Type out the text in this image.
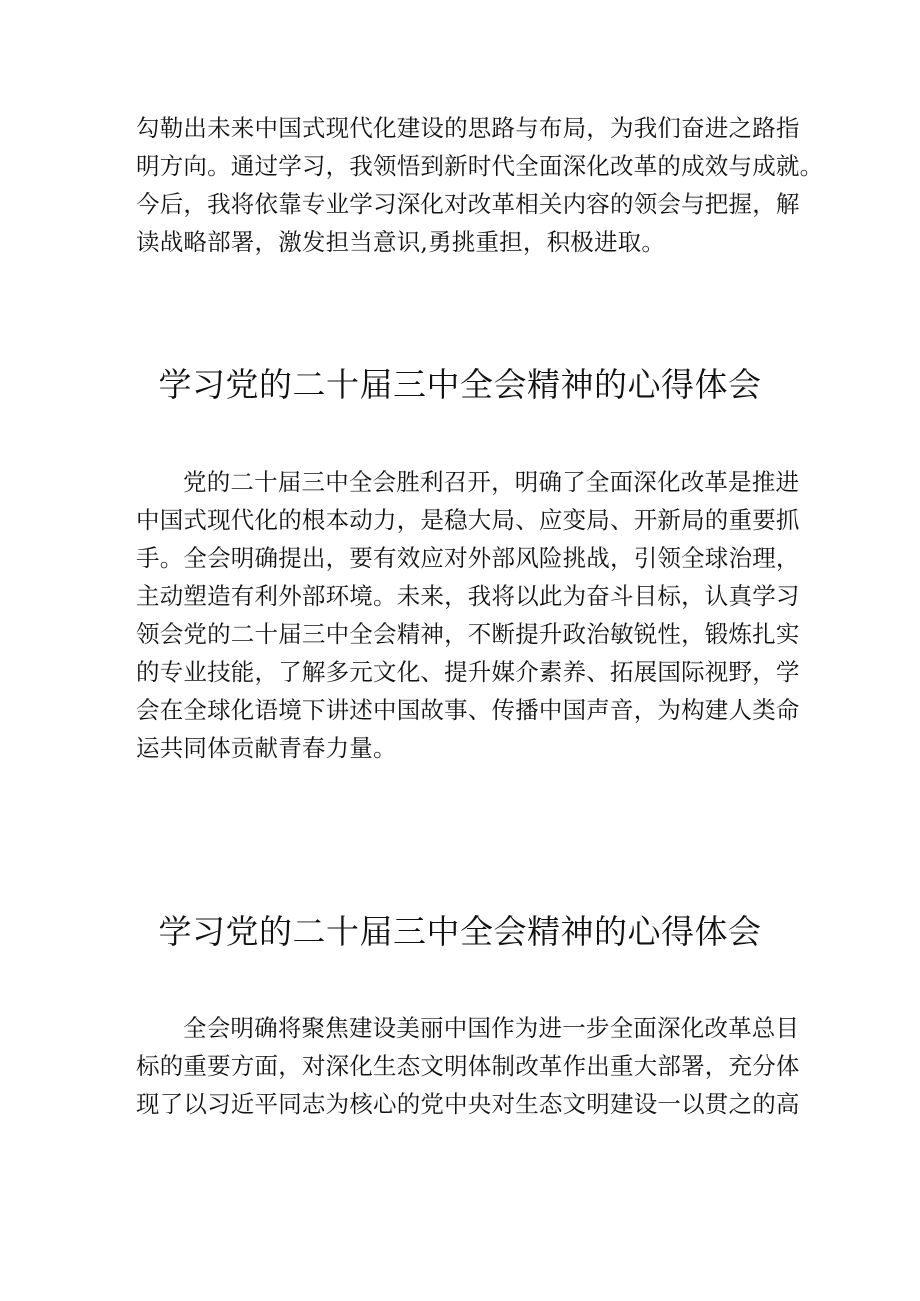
勾勒出未来中国式现代化建设的思路与布局，为我们奋进之路指
明方向。通过学习，我领悟到新时代全面深化改革的成效与成就。
今后，我将依靠专业学习深化对改革相关内容的领会与把握，解
读战略部署，激发担当意识,勇挑重担，积极进取。
学习党的二十届三中全会精神的心得体会
党的二十届三中全会胜利召开，明确了全面深化改革是推进
中国式现代化的根本动力，是稳大局、应变局、开新局的重要抓
手。全会明确提出，要有效应对外部风险挑战，引领全球治理，
主动塑造有利外部环境。未来，我将以此为奋斗目标，认真学习
领会党的二十届三中全会精神，不断提升政治敏锐性，锻炼扎实
的专业技能，了解多元文化、提升媒介素养、拓展国际视野，学
会在全球化语境下讲述中国故事、传播中国声音，为构建人类命
运共同体贡献青春力量。
学习党的二十届三中全会精神的心得体会
全会明确将聚焦建设美丽中国作为进一步全面深化改革总目
标的重要方面，对深化生态文明体制改革作出重大部署，充分体
现了以习近平同志为核心的党中央对生态文明建设一以贯之的高
